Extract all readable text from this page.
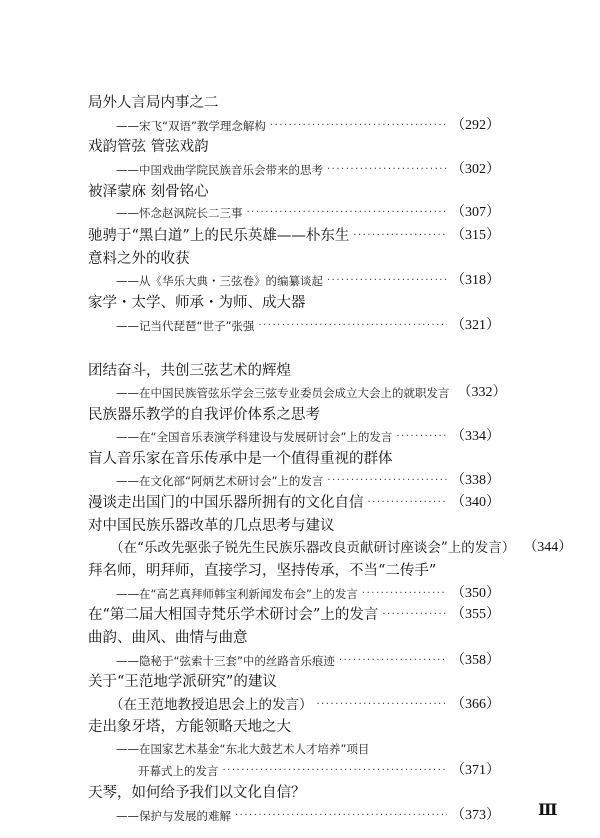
局外人言局内事之二
——宋飞“双语”教学理念解构 ·····	（292）
戏韵管弦 管弦戏韵
——中国戏曲学院民族音乐会带来的思考 ·····	（302）
被泽蒙庥 刻骨铭心
——怀念赵沨院长二三事 ·····	（307）
驰骋于“黑白道”上的民乐英雄——朴东生 ·····	（315）
意料之外的收获
——从《华乐大典・三弦卷》的编纂谈起 ·····	（318）
家学・太学、师承・为师、成大器
——记当代琵琶“世子”张强 ·····	（321）
团结奋斗，共创三弦艺术的辉煌
——在中国民族管弦乐学会三弦专业委员会成立大会上的就职发言 （332）
民族器乐教学的自我评价体系之思考
——在“全国音乐表演学科建设与发展研讨会”上的发言 ·····	（334）
盲人音乐家在音乐传承中是一个值得重视的群体
——在文化部“阿炳艺术研讨会”上的发言 ·····	（338）
漫谈走出国门的中国乐器所拥有的文化自信 ·····	（340）
对中国民族乐器改革的几点思考与建议
（在“乐改先驱张子锐先生民族乐器改良贡献研讨座谈会”上的发言） （344）
拜名师，明拜师，直接学习，坚持传承，不当“二传手”
——在“高艺真拜师韩宝利新闻发布会”上的发言 ·····	（350）
在“第二届大相国寺梵乐学术研讨会”上的发言 ·····	（355）
曲韵、曲风、曲情与曲意
——隐秘于“弦索十三套”中的丝路音乐痕迹 ·····	（358）
关于“王范地学派研究”的建议
（在王范地教授追思会上的发言） ·····	（366）
走出象牙塔，方能领略天地之大
——在国家艺术基金“东北大鼓艺术人才培养”项目
开幕式上的发言 ·····	（371）
天琴，如何给予我们以文化自信？
——保护与发展的难解 ·····	（373） Ⅲ
